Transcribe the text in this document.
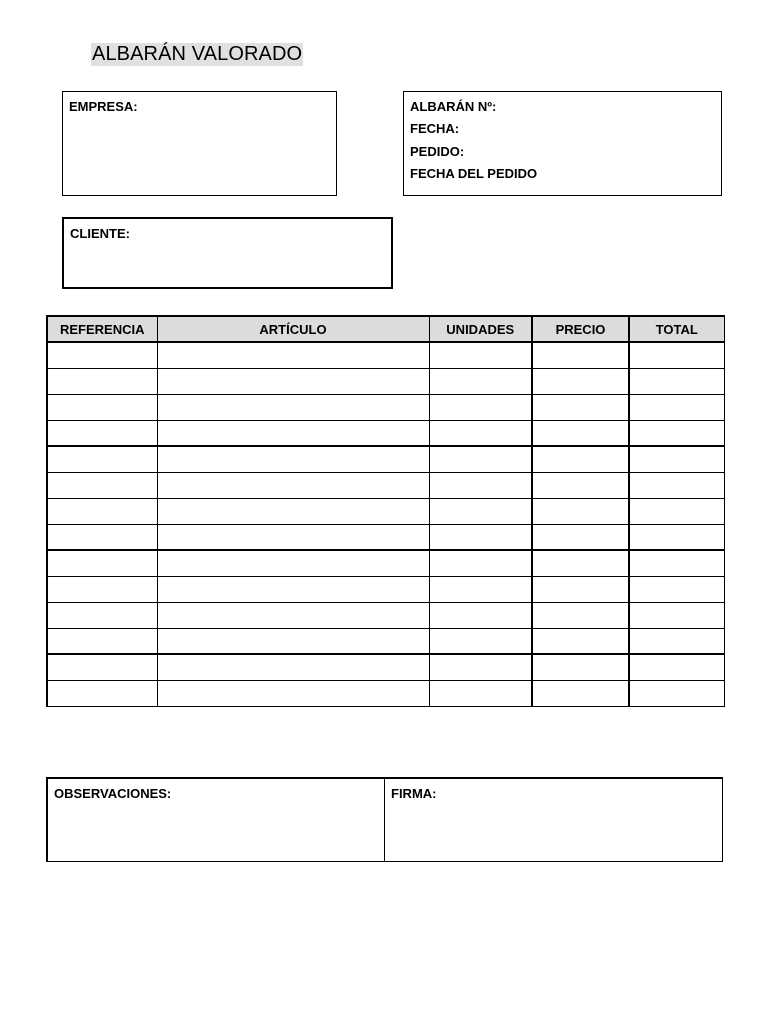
ALBARÁN VALORADO
EMPRESA:	ALBARÁN Nº:
FECHA:
PEDIDO:
FECHA DEL PEDIDO
CLIENTE:
REFERENCIA	ARTÍCULO	UNIDADES	PRECIO	TOTAL

OBSERVACIONES:	FIRMA:
